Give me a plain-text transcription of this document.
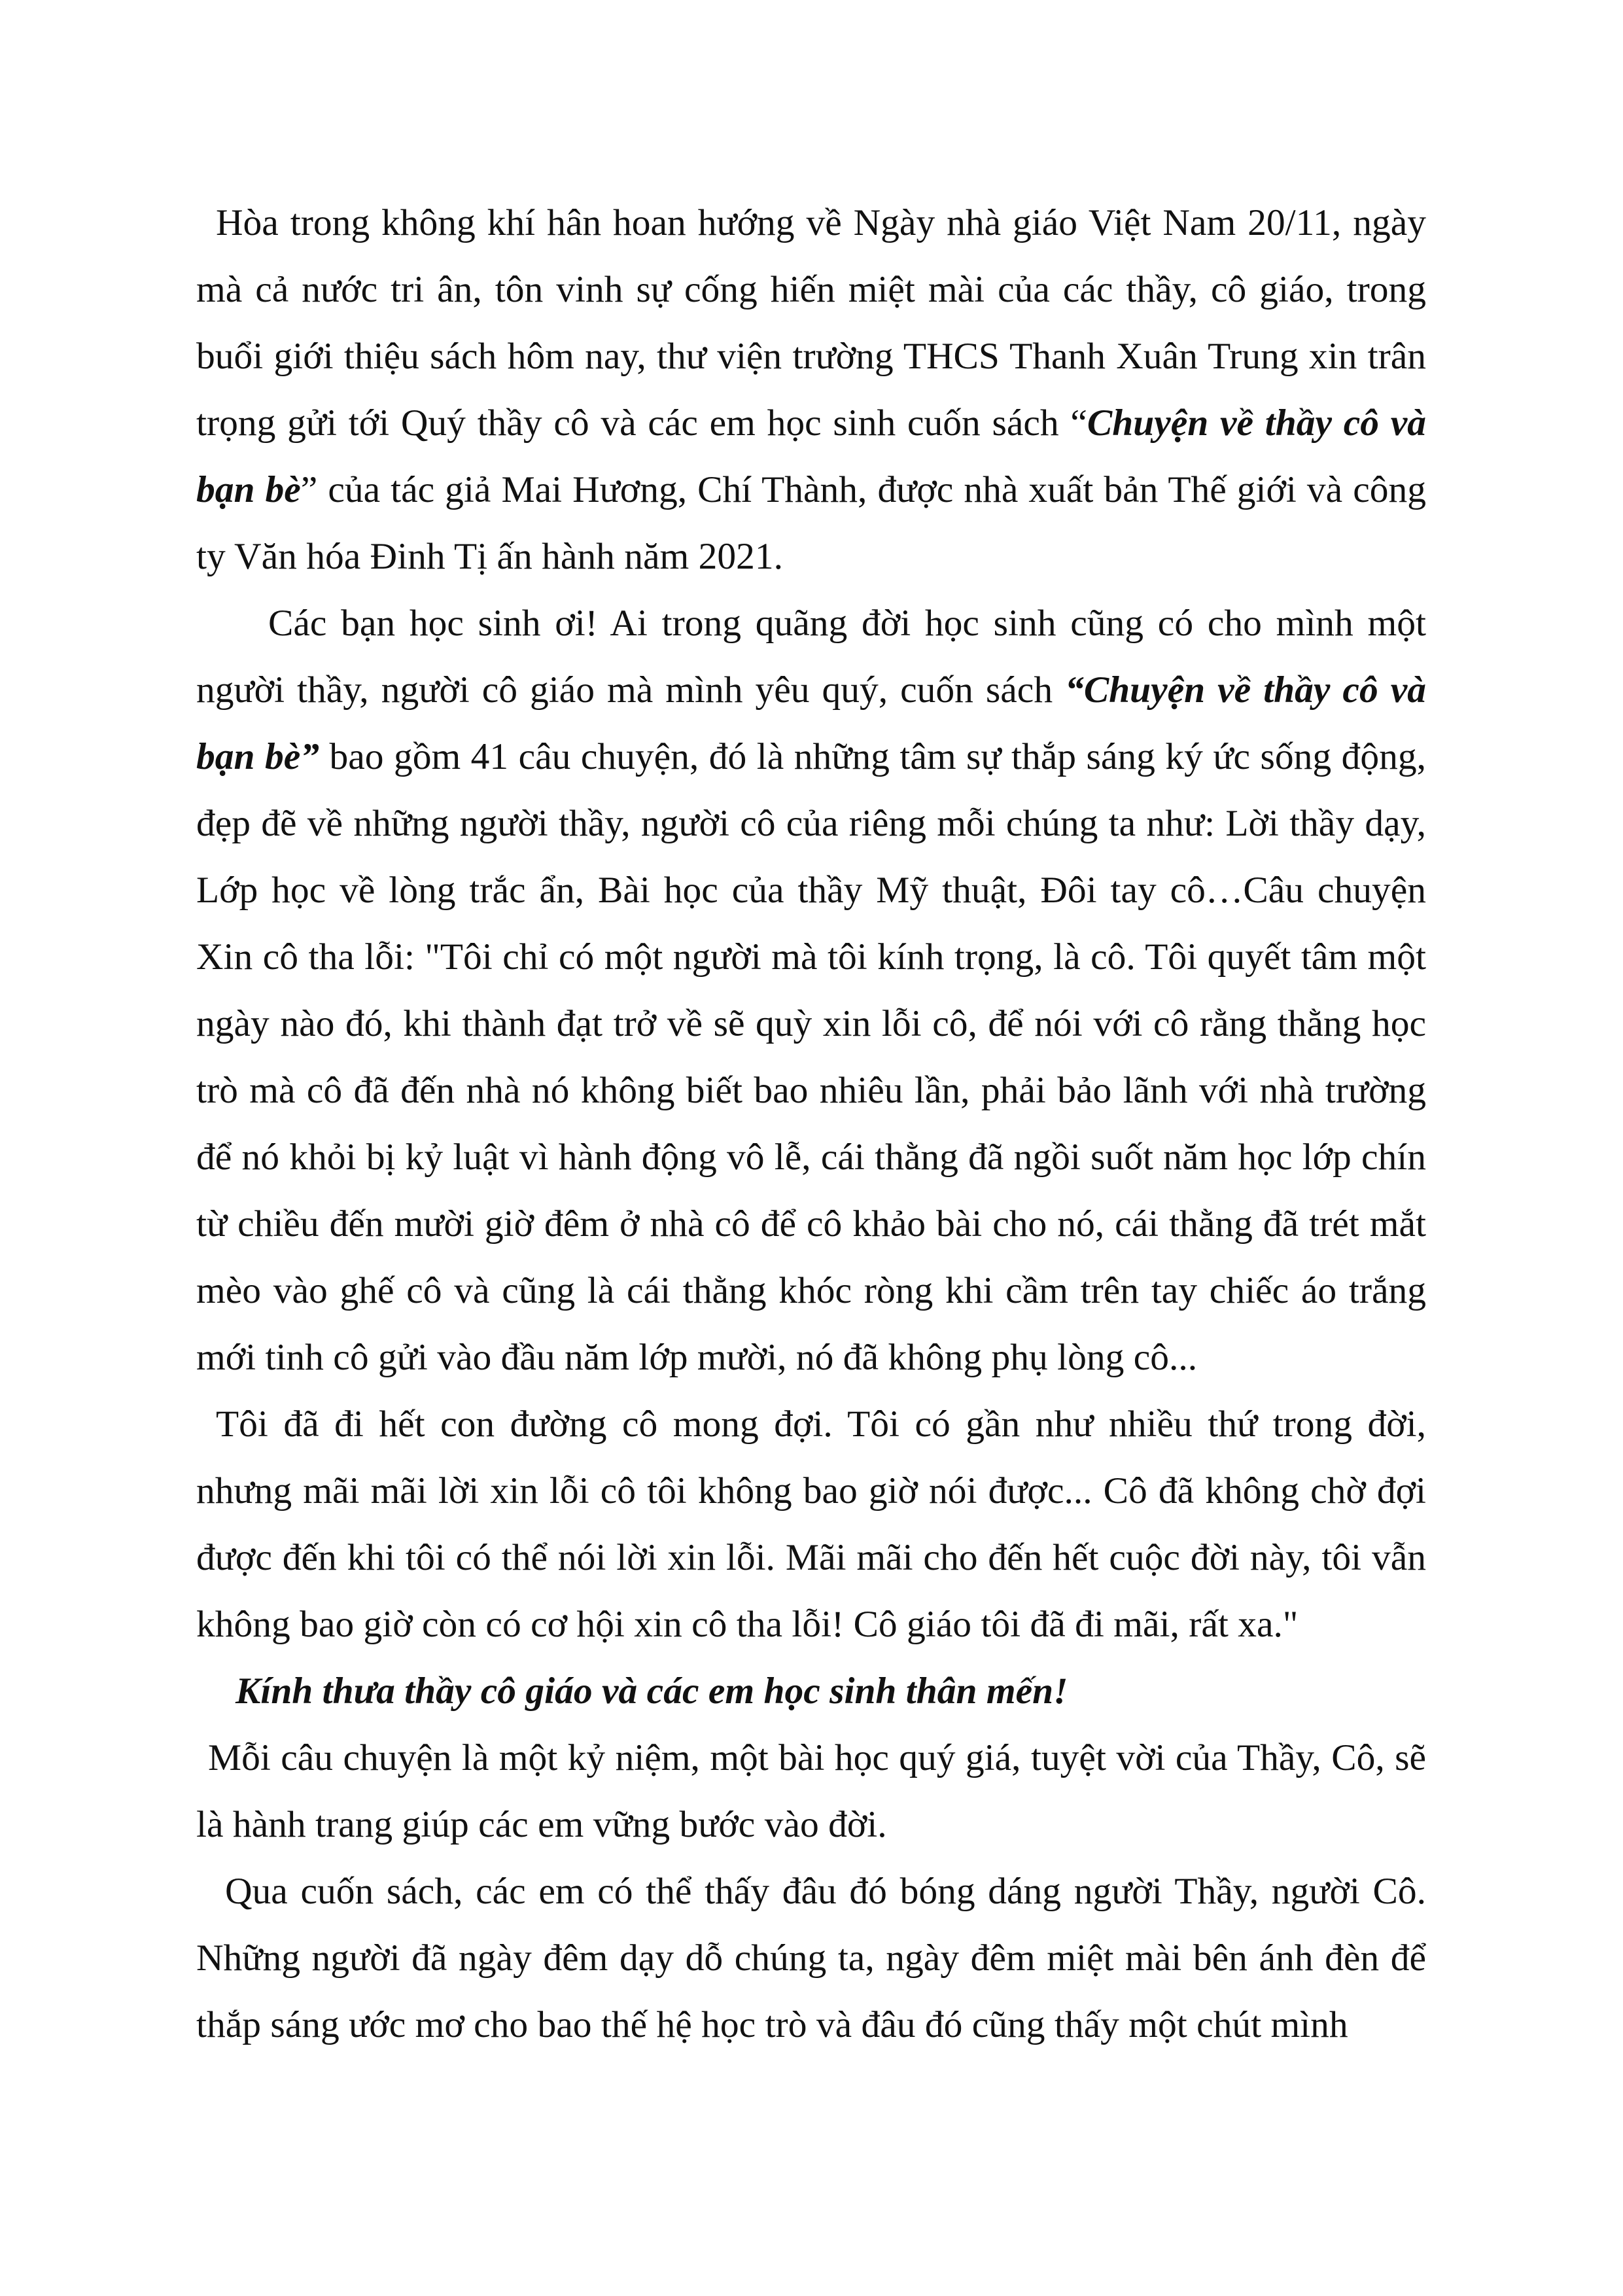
Hòa trong không khí hân hoan hướng về Ngày nhà giáo Việt Nam 20/11, ngày mà cả nước tri ân, tôn vinh sự cống hiến miệt mài của các thầy, cô giáo, trong buổi giới thiệu sách hôm nay, thư viện trường THCS Thanh Xuân Trung xin trân trọng gửi tới Quý thầy cô và các em học sinh cuốn sách “Chuyện về thầy cô và bạn bè” của tác giả Mai Hương, Chí Thành, được nhà xuất bản Thế giới và công ty Văn hóa Đinh Tị ấn hành năm 2021.

Các bạn học sinh ơi! Ai trong quãng đời học sinh cũng có cho mình một người thầy, người cô giáo mà mình yêu quý, cuốn sách “Chuyện về thầy cô và bạn bè” bao gồm 41 câu chuyện, đó là những tâm sự thắp sáng ký ức sống động, đẹp đẽ về những người thầy, người cô của riêng mỗi chúng ta như: Lời thầy dạy, Lớp học về lòng trắc ẩn, Bài học của thầy Mỹ thuật, Đôi tay cô…Câu chuyện Xin cô tha lỗi: "Tôi chỉ có một người mà tôi kính trọng, là cô. Tôi quyết tâm một ngày nào đó, khi thành đạt trở về sẽ quỳ xin lỗi cô, để nói với cô rằng thằng học trò mà cô đã đến nhà nó không biết bao nhiêu lần, phải bảo lãnh với nhà trường để nó khỏi bị kỷ luật vì hành động vô lễ, cái thằng đã ngồi suốt năm học lớp chín từ chiều đến mười giờ đêm ở nhà cô để cô khảo bài cho nó, cái thằng đã trét mắt mèo vào ghế cô và cũng là cái thằng khóc ròng khi cầm trên tay chiếc áo trắng mới tinh cô gửi vào đầu năm lớp mười, nó đã không phụ lòng cô...

Tôi đã đi hết con đường cô mong đợi. Tôi có gần như nhiều thứ trong đời, nhưng mãi mãi lời xin lỗi cô tôi không bao giờ nói được... Cô đã không chờ đợi được đến khi tôi có thể nói lời xin lỗi. Mãi mãi cho đến hết cuộc đời này, tôi vẫn không bao giờ còn có cơ hội xin cô tha lỗi! Cô giáo tôi đã đi mãi, rất xa."

Kính thưa thầy cô giáo và các em học sinh thân mến!

Mỗi câu chuyện là một kỷ niệm, một bài học quý giá, tuyệt vời của Thầy, Cô, sẽ là hành trang giúp các em vững bước vào đời.

Qua cuốn sách, các em có thể thấy đâu đó bóng dáng người Thầy, người Cô. Những người đã ngày đêm dạy dỗ chúng ta, ngày đêm miệt mài bên ánh đèn để thắp sáng ước mơ cho bao thế hệ học trò và đâu đó cũng thấy một chút mình
